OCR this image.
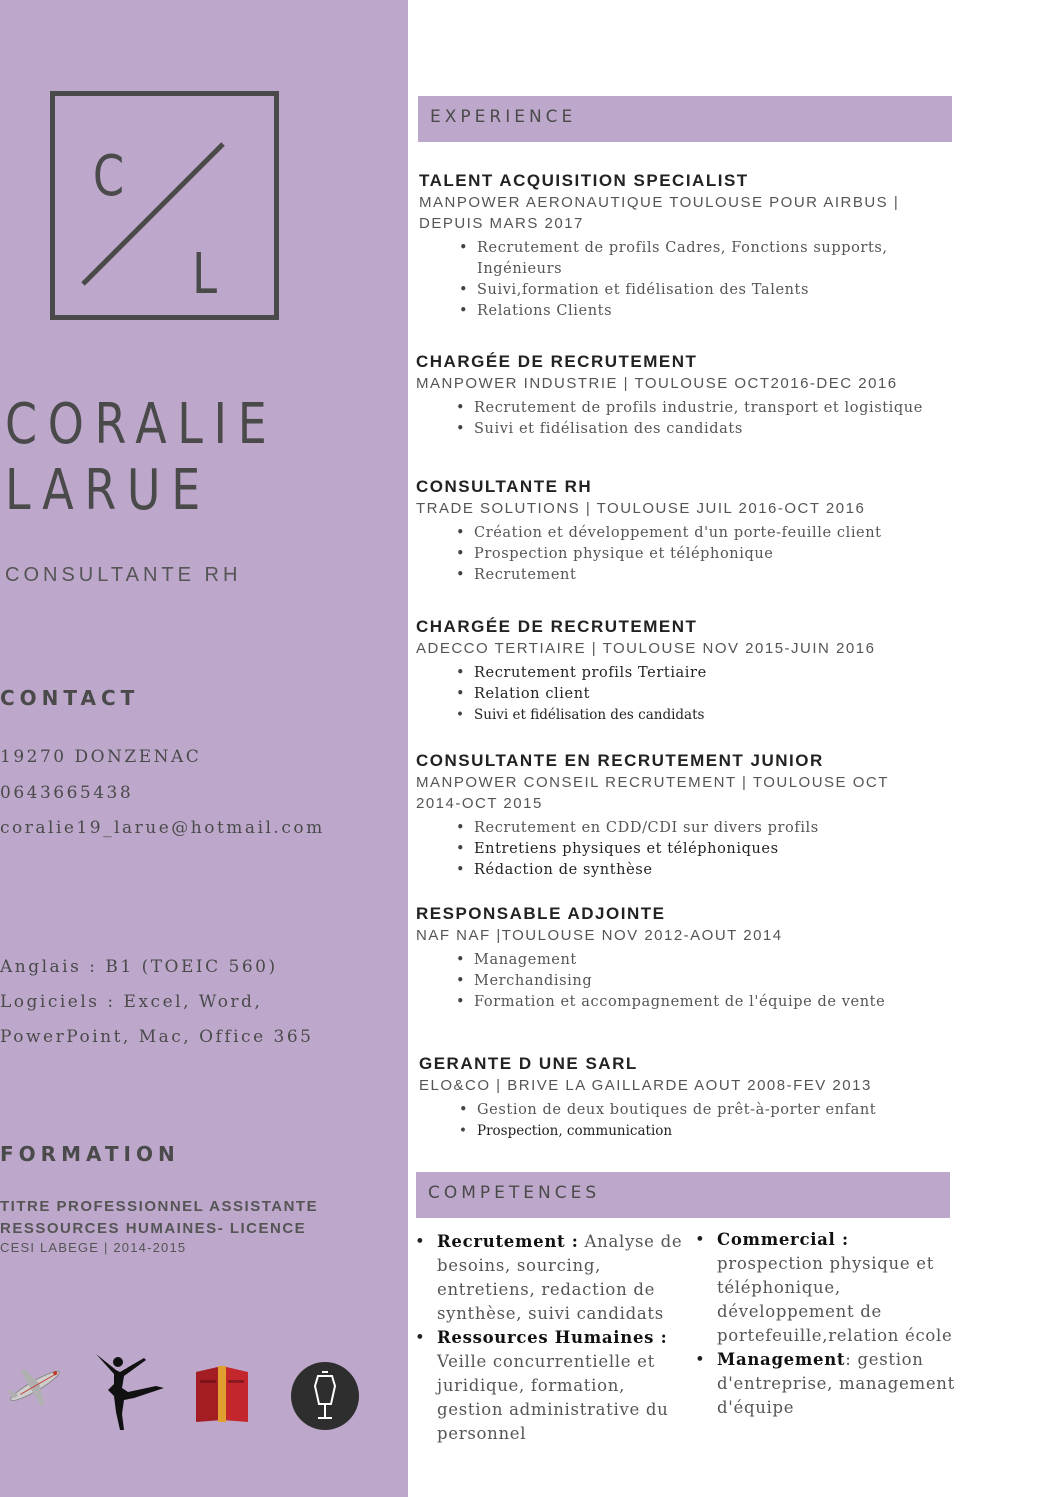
C
L
CORALIE
LARUE
CONSULTANTE RH
CONTACT
19270 DONZENAC
0643665438
coralie19_larue@hotmail.com
Anglais : B1 (TOEIC 560)
Logiciels : Excel, Word,
PowerPoint, Mac, Office 365
FORMATION
TITRE PROFESSIONNEL ASSISTANTE
RESSOURCES HUMAINES- LICENCE
CESI LABEGE | 2014-2015
EXPERIENCE
TALENT ACQUISITION SPECIALIST
MANPOWER AERONAUTIQUE TOULOUSE POUR AIRBUS | DEPUIS MARS 2017
• Recrutement de profils Cadres, Fonctions supports, Ingénieurs
• Suivi,formation et fidélisation des Talents
• Relations Clients
CHARGÉE DE RECRUTEMENT
MANPOWER INDUSTRIE | TOULOUSE OCT2016-DEC 2016
• Recrutement de profils industrie, transport et logistique
• Suivi et fidélisation des candidats
CONSULTANTE RH
TRADE SOLUTIONS | TOULOUSE JUIL 2016-OCT 2016
• Création et développement d'un porte-feuille client
• Prospection physique et téléphonique
• Recrutement
CHARGÉE DE RECRUTEMENT
ADECCO TERTIAIRE | TOULOUSE NOV 2015-JUIN 2016
• Recrutement profils Tertiaire
• Relation client
• Suivi et fidélisation des candidats
CONSULTANTE EN RECRUTEMENT JUNIOR
MANPOWER CONSEIL RECRUTEMENT | TOULOUSE OCT 2014-OCT 2015
• Recrutement en CDD/CDI sur divers profils
• Entretiens physiques et téléphoniques
• Rédaction de synthèse
RESPONSABLE ADJOINTE
NAF NAF |TOULOUSE NOV 2012-AOUT 2014
• Management
• Merchandising
• Formation et accompagnement de l'équipe de vente
GERANTE D UNE SARL
ELO&CO | BRIVE LA GAILLARDE AOUT 2008-FEV 2013
• Gestion de deux boutiques de prêt-à-porter enfant
• Prospection, communication
COMPETENCES
• Recrutement : Analyse de besoins, sourcing, entretiens, redaction de synthèse, suivi candidats
• Ressources Humaines : Veille concurrentielle et juridique, formation, gestion administrative du personnel
• Commercial : prospection physique et téléphonique, développement de portefeuille,relation école
• Management: gestion d'entreprise, management d'équipe
